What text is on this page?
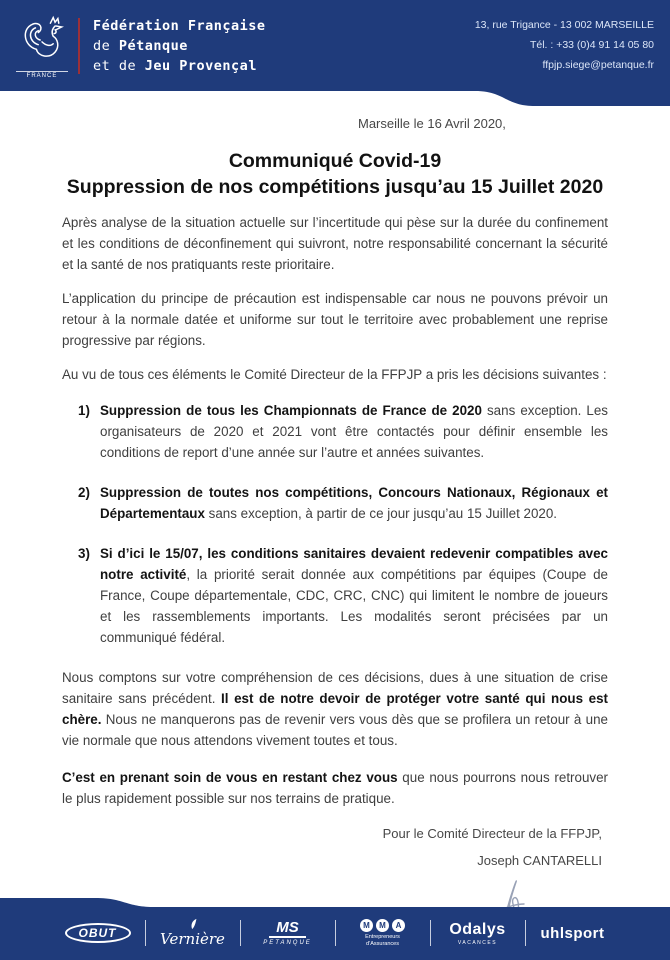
FRANCE
Fédération Française
de Pétanque
et de Jeu Provençal
13, rue Trigance - 13 002 MARSEILLE
Tél. : +33 (0)4 91 14 05 80
ffpjp.siege@petanque.fr
Marseille le 16 Avril 2020,
Communiqué Covid-19
Suppression de nos compétitions jusqu’au 15 Juillet 2020

Après analyse de la situation actuelle sur l’incertitude qui pèse sur la durée du confinement et les conditions de déconfinement qui suivront, notre responsabilité concernant la sécurité et la santé de nos pratiquants reste prioritaire.

L’application du principe de précaution est indispensable car nous ne pouvons prévoir un retour à la normale datée et uniforme sur tout le territoire avec probablement une reprise progressive par régions.

Au vu de tous ces éléments le Comité Directeur de la FFPJP a pris les décisions suivantes :

1) Suppression de tous les Championnats de France de 2020 sans exception. Les organisateurs de 2020 et 2021 vont être contactés pour définir ensemble les conditions de report d’une année sur l’autre et années suivantes.
2) Suppression de toutes nos compétitions, Concours Nationaux, Régionaux et Départementaux sans exception, à partir de ce jour jusqu’au 15 Juillet 2020.
3) Si d’ici le 15/07, les conditions sanitaires devaient redevenir compatibles avec notre activité, la priorité serait donnée aux compétitions par équipes (Coupe de France, Coupe départementale, CDC, CRC, CNC) qui limitent le nombre de joueurs et les rassemblements importants. Les modalités seront précisées par un communiqué fédéral.

Nous comptons sur votre compréhension de ces décisions, dues à une situation de crise sanitaire sans précédent. Il est de notre devoir de protéger votre santé qui nous est chère. Nous ne manquerons pas de revenir vers vous dès que se profilera un retour à une vie normale que nous attendons vivement toutes et tous.

C’est en prenant soin de vous en restant chez vous que nous pourrons nous retrouver le plus rapidement possible sur nos terrains de pratique.

Pour le Comité Directeur de la FFPJP,
Joseph CANTARELLI
OBUT	Vernière
MS
PETANQUE
M	M	A
Entrepreneurs
d’Assurances
Odalys
VACANCES
uhlsport
